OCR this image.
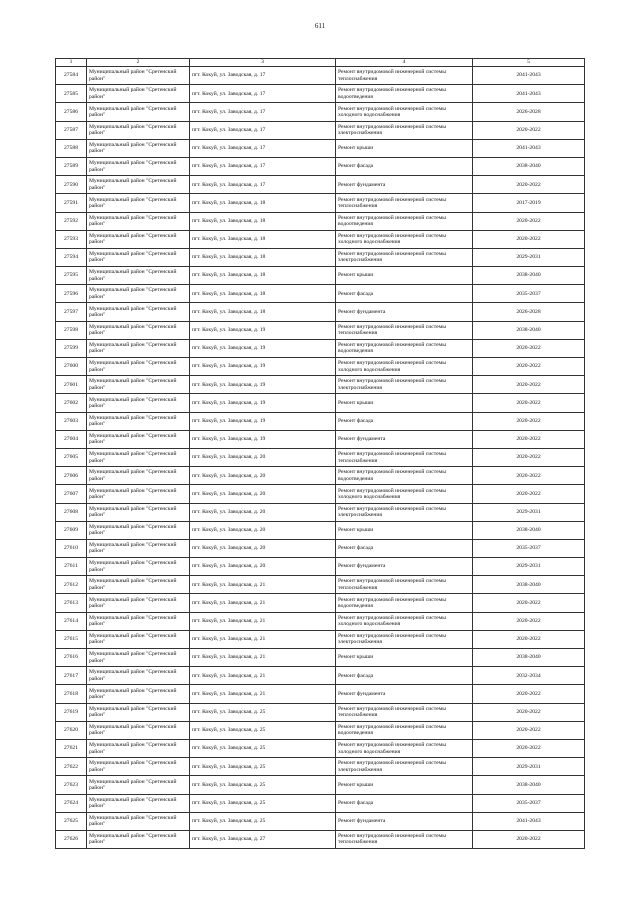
611
1	2	3	4	5
27584	Муниципальный район "Сретенский район"	пгт. Кокуй, ул. Заводская, д. 17	Ремонт внутридомовой инженерной системы теплоснабжения	2041-2043
27585	Муниципальный район "Сретенский район"	пгт. Кокуй, ул. Заводская, д. 17	Ремонт внутридомовой инженерной системы водоотведения	2041-2043
27586	Муниципальный район "Сретенский район"	пгт. Кокуй, ул. Заводская, д. 17	Ремонт внутридомовой инженерной системы холодного водоснабжения	2026-2028
27587	Муниципальный район "Сретенский район"	пгт. Кокуй, ул. Заводская, д. 17	Ремонт внутридомовой инженерной системы электроснабжения	2020-2022
27588	Муниципальный район "Сретенский район"	пгт. Кокуй, ул. Заводская, д. 17	Ремонт крыши	2041-2043
27589	Муниципальный район "Сретенский район"	пгт. Кокуй, ул. Заводская, д. 17	Ремонт фасада	2038-2040
27590	Муниципальный район "Сретенский район"	пгт. Кокуй, ул. Заводская, д. 17	Ремонт фундамента	2020-2022
27591	Муниципальный район "Сретенский район"	пгт. Кокуй, ул. Заводская, д. 18	Ремонт внутридомовой инженерной системы теплоснабжения	2017-2019
27592	Муниципальный район "Сретенский район"	пгт. Кокуй, ул. Заводская, д. 18	Ремонт внутридомовой инженерной системы водоотведения	2020-2022
27593	Муниципальный район "Сретенский район"	пгт. Кокуй, ул. Заводская, д. 18	Ремонт внутридомовой инженерной системы холодного водоснабжения	2020-2022
27594	Муниципальный район "Сретенский район"	пгт. Кокуй, ул. Заводская, д. 18	Ремонт внутридомовой инженерной системы электроснабжения	2029-2031
27595	Муниципальный район "Сретенский район"	пгт. Кокуй, ул. Заводская, д. 18	Ремонт крыши	2038-2040
27596	Муниципальный район "Сретенский район"	пгт. Кокуй, ул. Заводская, д. 18	Ремонт фасада	2035-2037
27597	Муниципальный район "Сретенский район"	пгт. Кокуй, ул. Заводская, д. 18	Ремонт фундамента	2026-2028
27598	Муниципальный район "Сретенский район"	пгт. Кокуй, ул. Заводская, д. 19	Ремонт внутридомовой инженерной системы теплоснабжения	2038-2040
27599	Муниципальный район "Сретенский район"	пгт. Кокуй, ул. Заводская, д. 19	Ремонт внутридомовой инженерной системы водоотведения	2020-2022
27600	Муниципальный район "Сретенский район"	пгт. Кокуй, ул. Заводская, д. 19	Ремонт внутридомовой инженерной системы холодного водоснабжения	2020-2022
27601	Муниципальный район "Сретенский район"	пгт. Кокуй, ул. Заводская, д. 19	Ремонт внутридомовой инженерной системы электроснабжения	2020-2022
27602	Муниципальный район "Сретенский район"	пгт. Кокуй, ул. Заводская, д. 19	Ремонт крыши	2020-2022
27603	Муниципальный район "Сретенский район"	пгт. Кокуй, ул. Заводская, д. 19	Ремонт фасада	2020-2022
27604	Муниципальный район "Сретенский район"	пгт. Кокуй, ул. Заводская, д. 19	Ремонт фундамента	2020-2022
27605	Муниципальный район "Сретенский район"	пгт. Кокуй, ул. Заводская, д. 20	Ремонт внутридомовой инженерной системы теплоснабжения	2020-2022
27606	Муниципальный район "Сретенский район"	пгт. Кокуй, ул. Заводская, д. 20	Ремонт внутридомовой инженерной системы водоотведения	2020-2022
27607	Муниципальный район "Сретенский район"	пгт. Кокуй, ул. Заводская, д. 20	Ремонт внутридомовой инженерной системы холодного водоснабжения	2020-2022
27608	Муниципальный район "Сретенский район"	пгт. Кокуй, ул. Заводская, д. 20	Ремонт внутридомовой инженерной системы электроснабжения	2029-2031
27609	Муниципальный район "Сретенский район"	пгт. Кокуй, ул. Заводская, д. 20	Ремонт крыши	2038-2040
27610	Муниципальный район "Сретенский район"	пгт. Кокуй, ул. Заводская, д. 20	Ремонт фасада	2035-2037
27611	Муниципальный район "Сретенский район"	пгт. Кокуй, ул. Заводская, д. 20	Ремонт фундамента	2029-2031
27612	Муниципальный район "Сретенский район"	пгт. Кокуй, ул. Заводская, д. 21	Ремонт внутридомовой инженерной системы теплоснабжения	2038-2040
27613	Муниципальный район "Сретенский район"	пгт. Кокуй, ул. Заводская, д. 21	Ремонт внутридомовой инженерной системы водоотведения	2020-2022
27614	Муниципальный район "Сретенский район"	пгт. Кокуй, ул. Заводская, д. 21	Ремонт внутридомовой инженерной системы холодного водоснабжения	2020-2022
27615	Муниципальный район "Сретенский район"	пгт. Кокуй, ул. Заводская, д. 21	Ремонт внутридомовой инженерной системы электроснабжения	2020-2022
27616	Муниципальный район "Сретенский район"	пгт. Кокуй, ул. Заводская, д. 21	Ремонт крыши	2038-2040
27617	Муниципальный район "Сретенский район"	пгт. Кокуй, ул. Заводская, д. 21	Ремонт фасада	2032-2034
27618	Муниципальный район "Сретенский район"	пгт. Кокуй, ул. Заводская, д. 21	Ремонт фундамента	2020-2022
27619	Муниципальный район "Сретенский район"	пгт. Кокуй, ул. Заводская, д. 25	Ремонт внутридомовой инженерной системы теплоснабжения	2020-2022
27620	Муниципальный район "Сретенский район"	пгт. Кокуй, ул. Заводская, д. 25	Ремонт внутридомовой инженерной системы водоотведения	2020-2022
27621	Муниципальный район "Сретенский район"	пгт. Кокуй, ул. Заводская, д. 25	Ремонт внутридомовой инженерной системы холодного водоснабжения	2020-2022
27622	Муниципальный район "Сретенский район"	пгт. Кокуй, ул. Заводская, д. 25	Ремонт внутридомовой инженерной системы электроснабжения	2029-2031
27623	Муниципальный район "Сретенский район"	пгт. Кокуй, ул. Заводская, д. 25	Ремонт крыши	2038-2040
27624	Муниципальный район "Сретенский район"	пгт. Кокуй, ул. Заводская, д. 25	Ремонт фасада	2035-2037
27625	Муниципальный район "Сретенский район"	пгт. Кокуй, ул. Заводская, д. 25	Ремонт фундамента	2041-2043
27626	Муниципальный район "Сретенский район"	пгт. Кокуй, ул. Заводская, д. 27	Ремонт внутридомовой инженерной системы теплоснабжения	2020-2022
